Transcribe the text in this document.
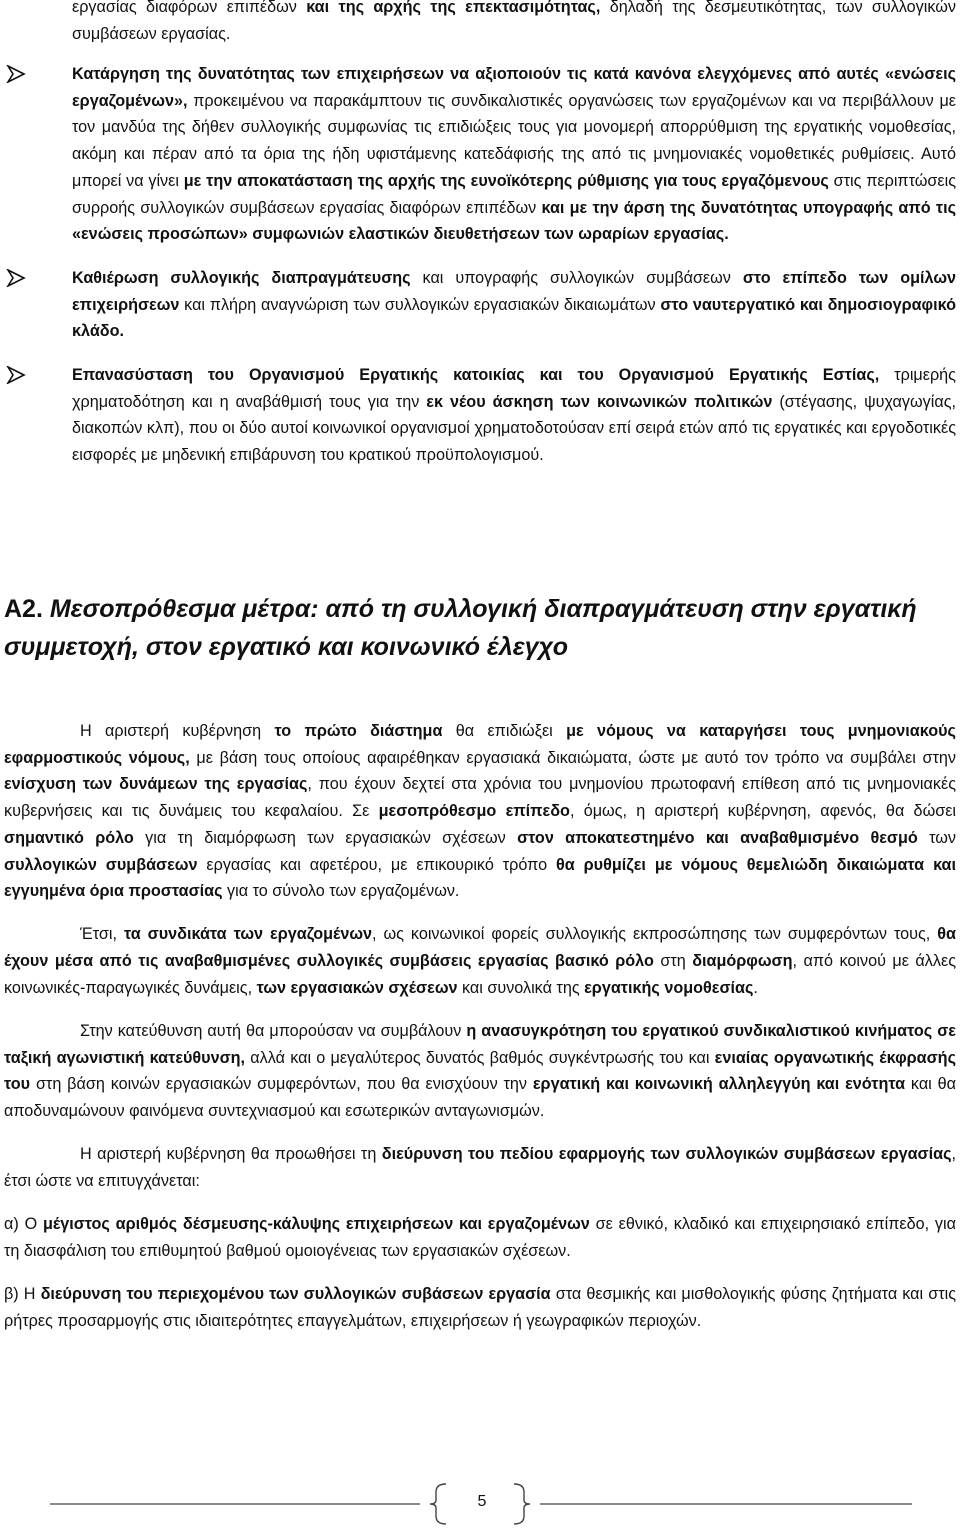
εργασίας διαφόρων επιπέδων και της αρχής της επεκτασιμότητας, δηλαδή της δεσμευτικότητας, των συλλογικών συμβάσεων εργασίας.

Κατάργηση της δυνατότητας των επιχειρήσεων να αξιοποιούν τις κατά κανόνα ελεγχόμενες από αυτές «ενώσεις εργαζομένων», προκειμένου να παρακάμπτουν τις συνδικαλιστικές οργανώσεις των εργαζομένων και να περιβάλλουν με τον μανδύα της δήθεν συλλογικής συμφωνίας τις επιδιώξεις τους για μονομερή απορρύθμιση της εργατικής νομοθεσίας, ακόμη και πέραν από τα όρια της ήδη υφιστάμενης κατεδάφισής της από τις μνημονιακές νομοθετικές ρυθμίσεις. Αυτό μπορεί να γίνει με την αποκατάσταση της αρχής της ευνοϊκότερης ρύθμισης για τους εργαζόμενους στις περιπτώσεις συρροής συλλογικών συμβάσεων εργασίας διαφόρων επιπέδων και με την άρση της δυνατότητας υπογραφής από τις «ενώσεις προσώπων» συμφωνιών ελαστικών διευθετήσεων των ωραρίων εργασίας.

Καθιέρωση συλλογικής διαπραγμάτευσης και υπογραφής συλλογικών συμβάσεων στο επίπεδο των ομίλων επιχειρήσεων και πλήρη αναγνώριση των συλλογικών εργασιακών δικαιωμάτων στο ναυτεργατικό και δημοσιογραφικό κλάδο.

Επανασύσταση του Οργανισμού Εργατικής κατοικίας και του Οργανισμού Εργατικής Εστίας, τριμερής χρηματοδότηση και η αναβάθμισή τους για την εκ νέου άσκηση των κοινωνικών πολιτικών (στέγασης, ψυχαγωγίας, διακοπών κλπ), που οι δύο αυτοί κοινωνικοί οργανισμοί χρηματοδοτούσαν επί σειρά ετών από τις εργατικές και εργοδοτικές εισφορές με μηδενική επιβάρυνση του κρατικού προϋπολογισμού.

Α2. Μεσοπρόθεσμα μέτρα: από τη συλλογική διαπραγμάτευση στην εργατική συμμετοχή, στον εργατικό και κοινωνικό έλεγχο

Η αριστερή κυβέρνηση το πρώτο διάστημα θα επιδιώξει με νόμους να καταργήσει τους μνημονιακούς εφαρμοστικούς νόμους, με βάση τους οποίους αφαιρέθηκαν εργασιακά δικαιώματα, ώστε με αυτό τον τρόπο να συμβάλει στην ενίσχυση των δυνάμεων της εργασίας, που έχουν δεχτεί στα χρόνια του μνημονίου πρωτοφανή επίθεση από τις μνημονιακές κυβερνήσεις και τις δυνάμεις του κεφαλαίου. Σε μεσοπρόθεσμο επίπεδο, όμως, η αριστερή κυβέρνηση, αφενός, θα δώσει σημαντικό ρόλο για τη διαμόρφωση των εργασιακών σχέσεων στον αποκατεστημένο και αναβαθμισμένο θεσμό των συλλογικών συμβάσεων εργασίας και αφετέρου, με επικουρικό τρόπο θα ρυθμίζει με νόμους θεμελιώδη δικαιώματα και εγγυημένα όρια προστασίας για το σύνολο των εργαζομένων.

Έτσι, τα συνδικάτα των εργαζομένων, ως κοινωνικοί φορείς συλλογικής εκπροσώπησης των συμφερόντων τους, θα έχουν μέσα από τις αναβαθμισμένες συλλογικές συμβάσεις εργασίας βασικό ρόλο στη διαμόρφωση, από κοινού με άλλες κοινωνικές-παραγωγικές δυνάμεις, των εργασιακών σχέσεων και συνολικά της εργατικής νομοθεσίας.

Στην κατεύθυνση αυτή θα μπορούσαν να συμβάλουν η ανασυγκρότηση του εργατικού συνδικαλιστικού κινήματος σε ταξική αγωνιστική κατεύθυνση, αλλά και ο μεγαλύτερος δυνατός βαθμός συγκέντρωσής του και ενιαίας οργανωτικής έκφρασής του στη βάση κοινών εργασιακών συμφερόντων, που θα ενισχύουν την εργατική και κοινωνική αλληλεγγύη και ενότητα και θα αποδυναμώνουν φαινόμενα συντεχνιασμού και εσωτερικών ανταγωνισμών.

Η αριστερή κυβέρνηση θα προωθήσει τη διεύρυνση του πεδίου εφαρμογής των συλλογικών συμβάσεων εργασίας, έτσι ώστε να επιτυγχάνεται:

α) Ο μέγιστος αριθμός δέσμευσης-κάλυψης επιχειρήσεων και εργαζομένων σε εθνικό, κλαδικό και επιχειρησιακό επίπεδο, για τη διασφάλιση του επιθυμητού βαθμού ομοιογένειας των εργασιακών σχέσεων.

β) Η διεύρυνση του περιεχομένου των συλλογικών συβάσεων εργασία στα θεσμικής και μισθολογικής φύσης ζητήματα και στις ρήτρες προσαρμογής στις ιδιαιτερότητες επαγγελμάτων, επιχειρήσεων ή γεωγραφικών περιοχών.

5
